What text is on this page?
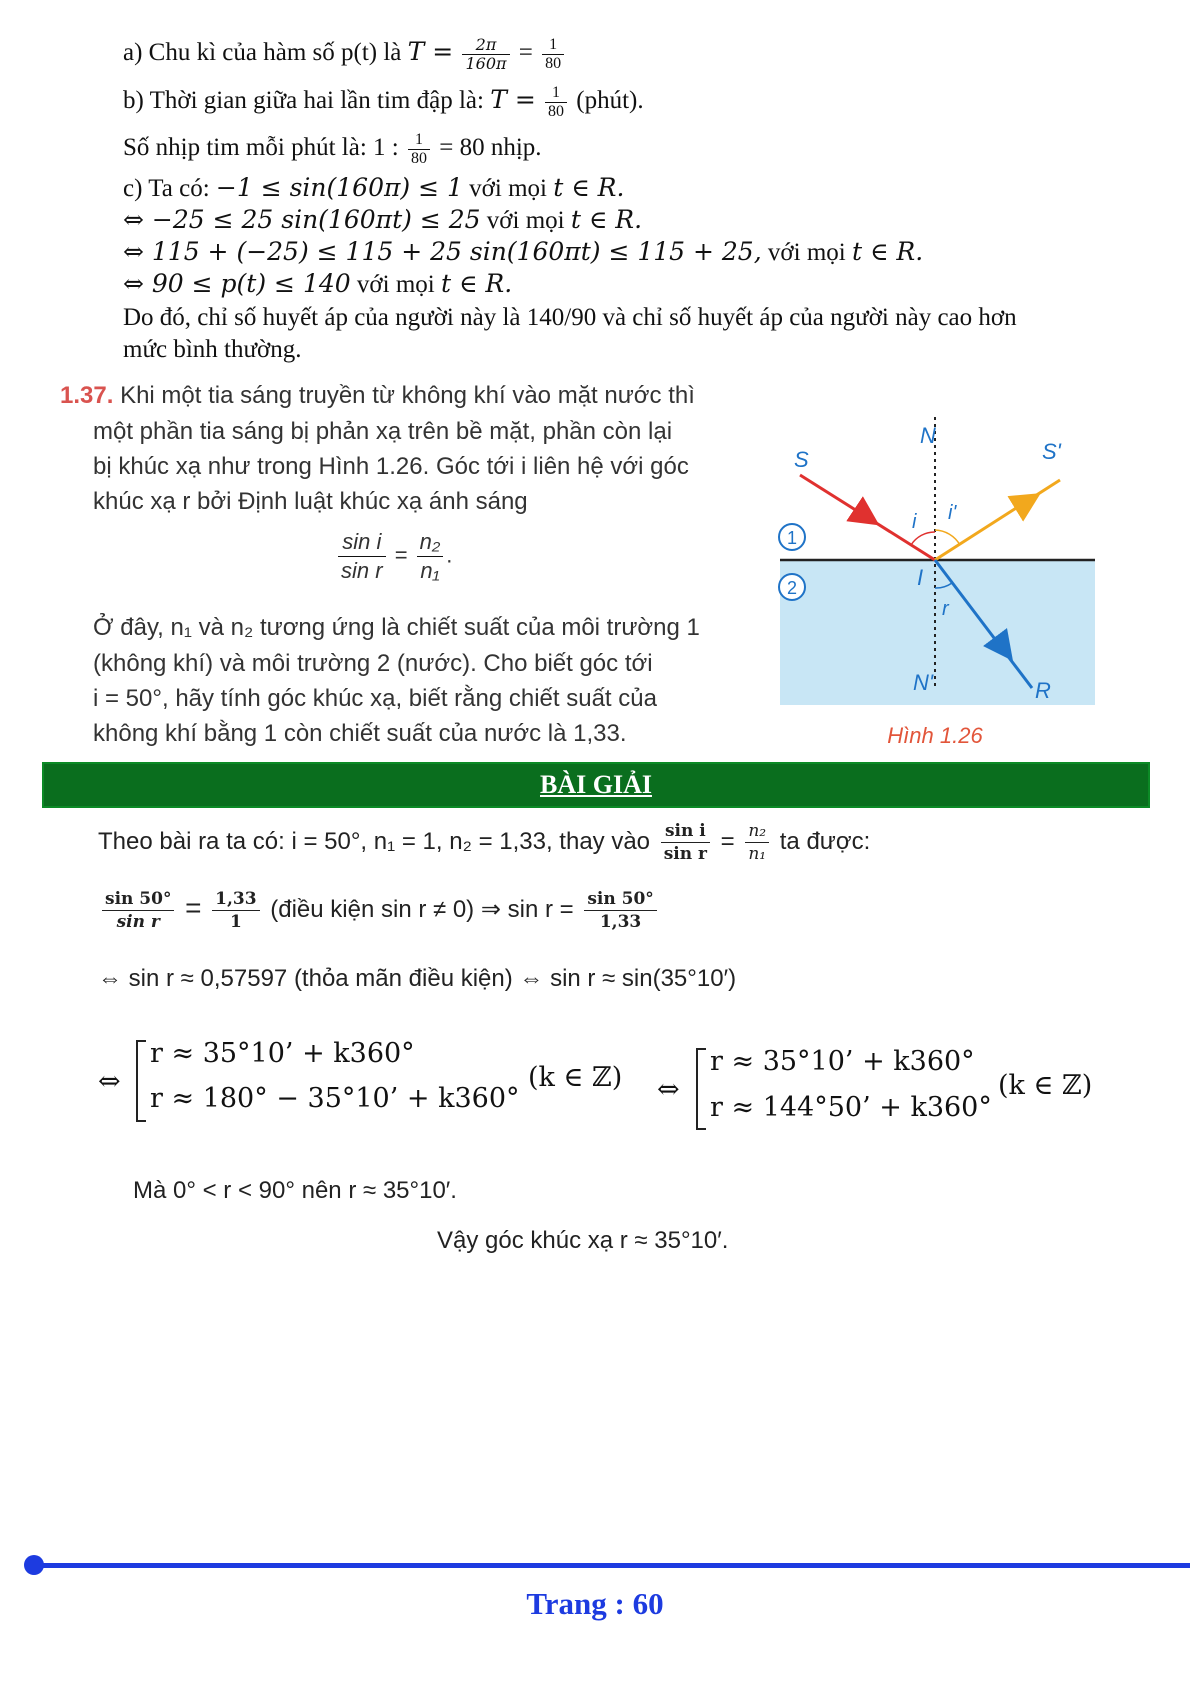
a) Chu kì của hàm số p(t) là $T = \frac{2\pi}{160\pi} = \frac{1}{80}$
b) Thời gian giữa hai lần tim đập là: $T = \frac{1}{80}$ (phút).
Số nhịp tim mỗi phút là: 1 : $\frac{1}{80} = 80$ nhịp.
c) Ta có: −1 ≤ sin(160π) ≤ 1 với mọi t ∈ R.
⇔ −25 ≤ 25 sin(160πt) ≤ 25 với mọi t ∈ R.
⇔ 115 + (−25) ≤ 115 + 25 sin(160πt) ≤ 115 + 25, với mọi t ∈ R.
⇔ 90 ≤ p(t) ≤ 140 với mọi t ∈ R.
Do đó, chỉ số huyết áp của người này là 140/90 và chỉ số huyết áp của người này cao hơn
mức bình thường.
1.37. Khi một tia sáng truyền từ không khí vào mặt nước thì
một phần tia sáng bị phản xạ trên bề mặt, phần còn lại
bị khúc xạ như trong Hình 1.26. Góc tới i liên hệ với góc
khúc xạ r bởi Định luật khúc xạ ánh sáng
$\frac{\text{sin i}}{\text{sin r}} = \frac{\text{n₂}}{\text{n₁}}$ .
Ở đây, n₁ và n₂ tương ứng là chiết suất của môi trường 1
(không khí) và môi trường 2 (nước). Cho biết góc tới
i = 50°, hãy tính góc khúc xạ, biết rằng chiết suất của
không khí bằng 1 còn chiết suất của nước là 1,33.
N
N'
S	S'
R
I
i i'
r
1
2
Hình 1.26
BÀI GIẢI
Theo bài ra ta có: i = 50°, n₁ = 1, n₂ = 1,33, thay vào $\frac{\text{sin i}}{\text{sin r}} = \frac{\text{n₂}}{\text{n₁}}$ ta được:
$\frac{\sin 50^\circ}{\text{sin r}} = \frac{1,33}{1}$ (điều kiện sin r ≠ 0) ⇒ $\sin r = \frac{\sin 50^\circ}{1,33}$
⇔ sin r ≈ 0,57597 (thỏa mãn điều kiện) ⇔ sin r ≈ sin(35°10′)
⇔
r ≈ 35°10’ + k360°
r ≈ 180° − 35°10’ + k360°
(k ∈ ℤ) ⇔
r ≈ 35°10’ + k360°
r ≈ 144°50’ + k360°
(k ∈ ℤ)
Mà 0° < r < 90° nên r ≈ 35°10′.
Vậy góc khúc xạ r ≈ 35°10′.
Trang : 60
